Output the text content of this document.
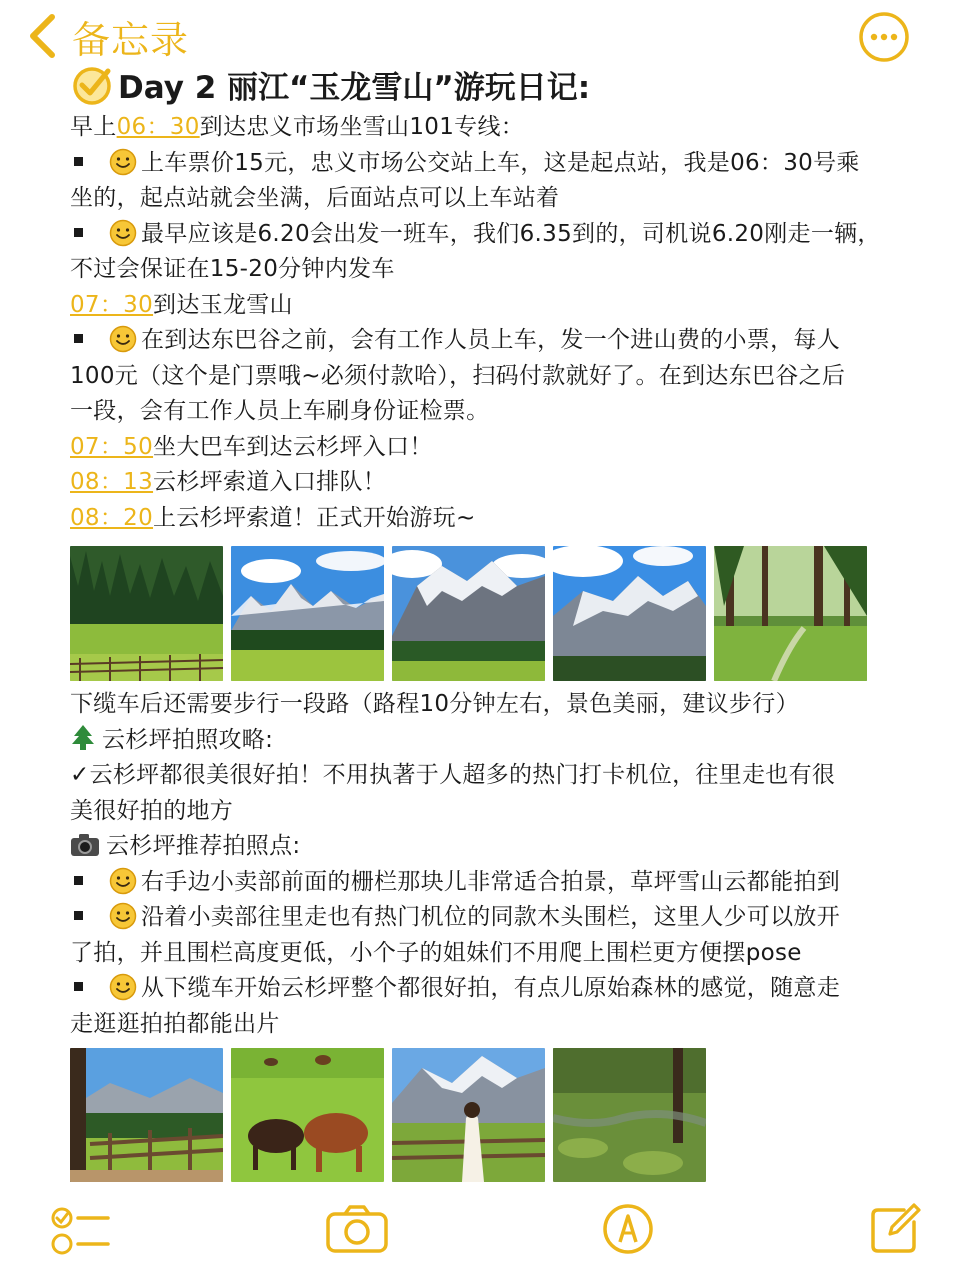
备忘录
Day 2 丽江“玉龙雪山”游玩日记:
早上06：30到达忠义市场坐雪山101专线：
上车票价15元，忠义市场公交站上车，这是起点站，我是06：30号乘
坐的，起点站就会坐满，后面站点可以上车站着
最早应该是6.20会出发一班车，我们6.35到的，司机说6.20刚走一辆，
不过会保证在15-20分钟内发车
07：30到达玉龙雪山
在到达东巴谷之前，会有工作人员上车，发一个进山费的小票，每人
100元（这个是门票哦~必须付款哈），扫码付款就好了。在到达东巴谷之后
一段，会有工作人员上车刷身份证检票。
07：50坐大巴车到达云杉坪入口！
08：13云杉坪索道入口排队！
08：20上云杉坪索道！正式开始游玩~
下缆车后还需要步行一段路（路程10分钟左右，景色美丽，建议步行）
云杉坪拍照攻略:
✓云杉坪都很美很好拍！不用执著于人超多的热门打卡机位，往里走也有很
美很好拍的地方
云杉坪推荐拍照点:
右手边小卖部前面的栅栏那块儿非常适合拍景，草坪雪山云都能拍到
沿着小卖部往里走也有热门机位的同款木头围栏，这里人少可以放开
了拍，并且围栏高度更低，小个子的姐妹们不用爬上围栏更方便摆pose
从下缆车开始云杉坪整个都很好拍，有点儿原始森林的感觉，随意走
走逛逛拍拍都能出片
